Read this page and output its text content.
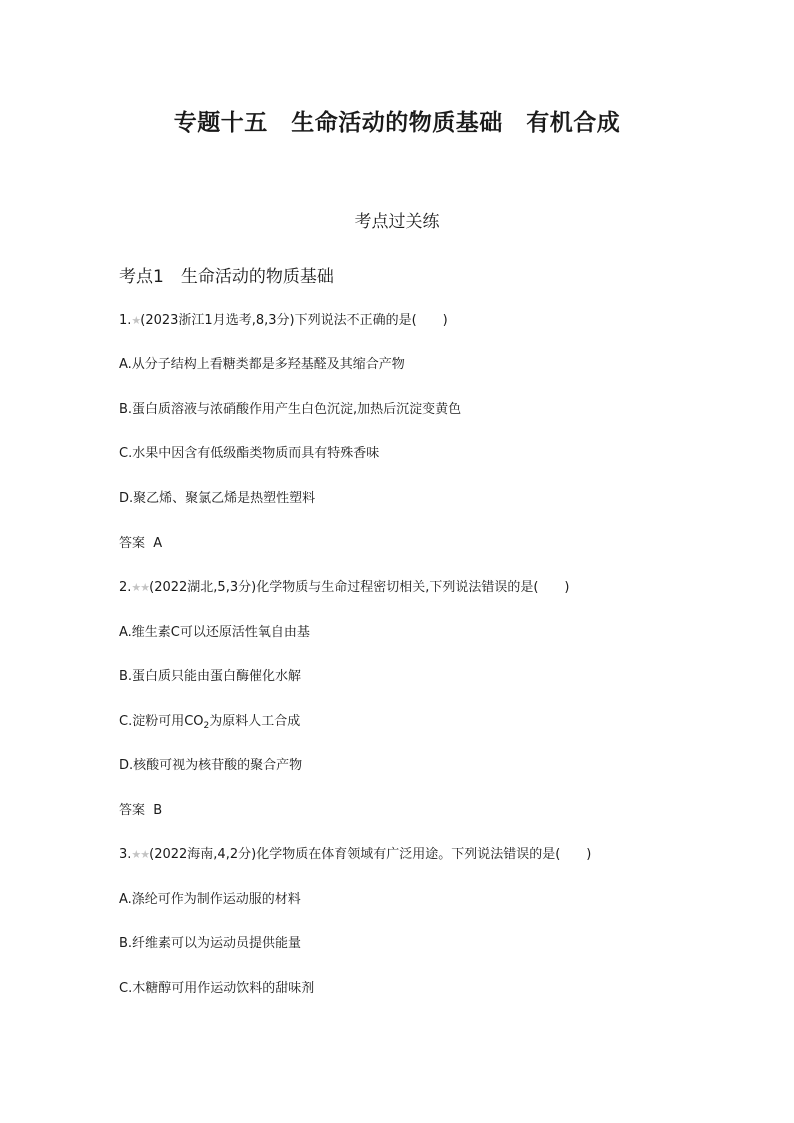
专题十五　生命活动的物质基础　有机合成
考点过关练
考点1　生命活动的物质基础
1.★(2023浙江1月选考,8,3分)下列说法不正确的是(　　)
A.从分子结构上看糖类都是多羟基醛及其缩合产物
B.蛋白质溶液与浓硝酸作用产生白色沉淀,加热后沉淀变黄色
C.水果中因含有低级酯类物质而具有特殊香味
D.聚乙烯、聚氯乙烯是热塑性塑料
答案 A
2.★★(2022湖北,5,3分)化学物质与生命过程密切相关,下列说法错误的是(　　)
A.维生素C可以还原活性氧自由基
B.蛋白质只能由蛋白酶催化水解
C.淀粉可用$CO_2$为原料人工合成
D.核酸可视为核苷酸的聚合产物
答案 B
3.★★(2022海南,4,2分)化学物质在体育领域有广泛用途。下列说法错误的是(　　)
A.涤纶可作为制作运动服的材料
B.纤维素可以为运动员提供能量
C.木糖醇可用作运动饮料的甜味剂
